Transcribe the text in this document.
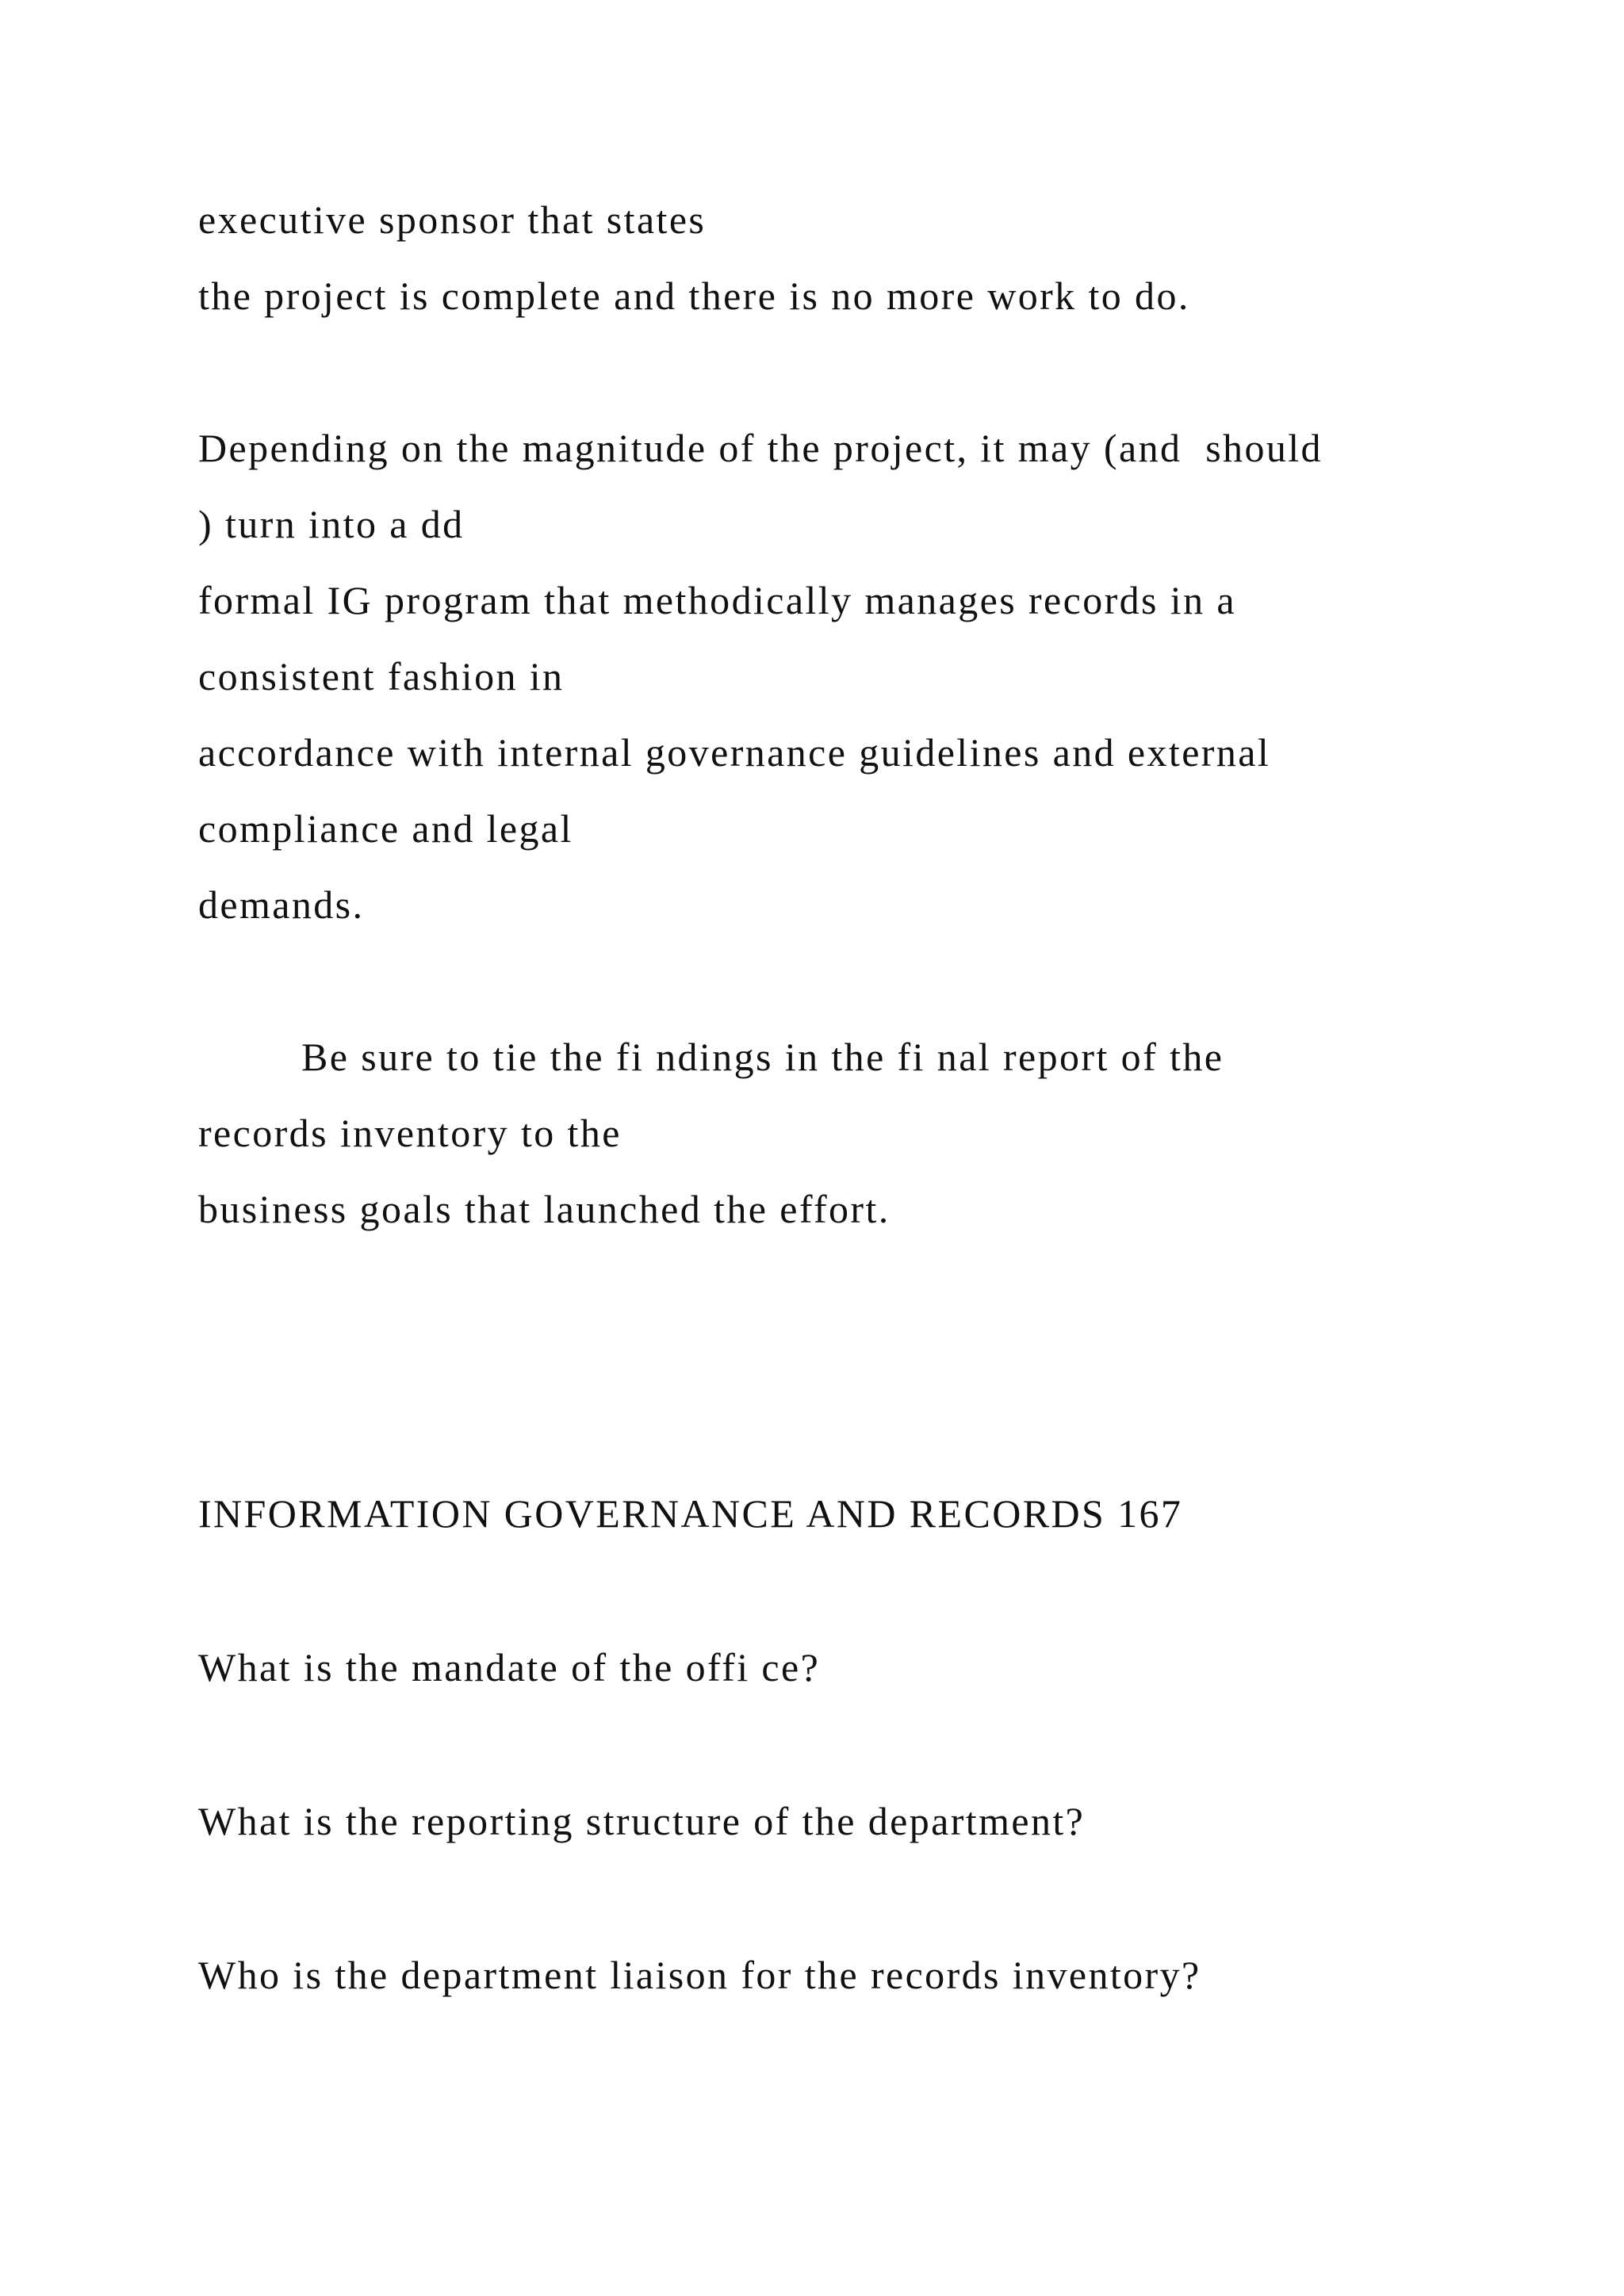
executive sponsor that states

the project is complete and there is no more work to do.

Depending on the magnitude of the project, it may (and  should

) turn into a dd

formal IG program that methodically manages records in a

consistent fashion in

accordance with internal governance guidelines and external

compliance and legal

demands.

Be sure to tie the fi ndings in the fi nal report of the

records inventory to the

business goals that launched the effort.

INFORMATION GOVERNANCE AND RECORDS 167

What is the mandate of the offi ce?

What is the reporting structure of the department?

Who is the department liaison for the records inventory?
